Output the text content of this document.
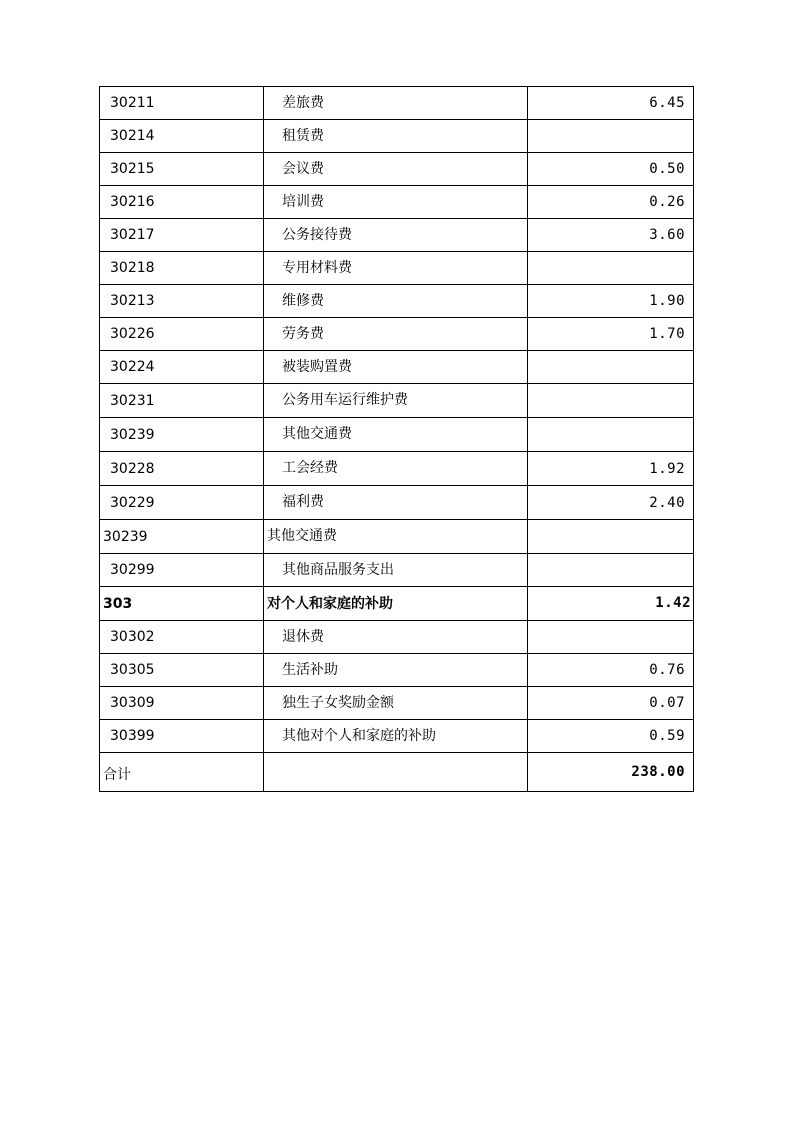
30211	差旅费	6.45
30214	租赁费	
30215	会议费	0.50
30216	培训费	0.26
30217	公务接待费	3.60
30218	专用材料费	
30213	维修费	1.90
30226	劳务费	1.70
30224	被装购置费	
30231	公务用车运行维护费	
30239	其他交通费	
30228	工会经费	1.92
30229	福利费	2.40
30239	其他交通费	
30299	其他商品服务支出	
303	对个人和家庭的补助	1.42
30302	退休费	
30305	生活补助	0.76
30309	独生子女奖励金额	0.07
30399	其他对个人和家庭的补助	0.59
合计		238.00
